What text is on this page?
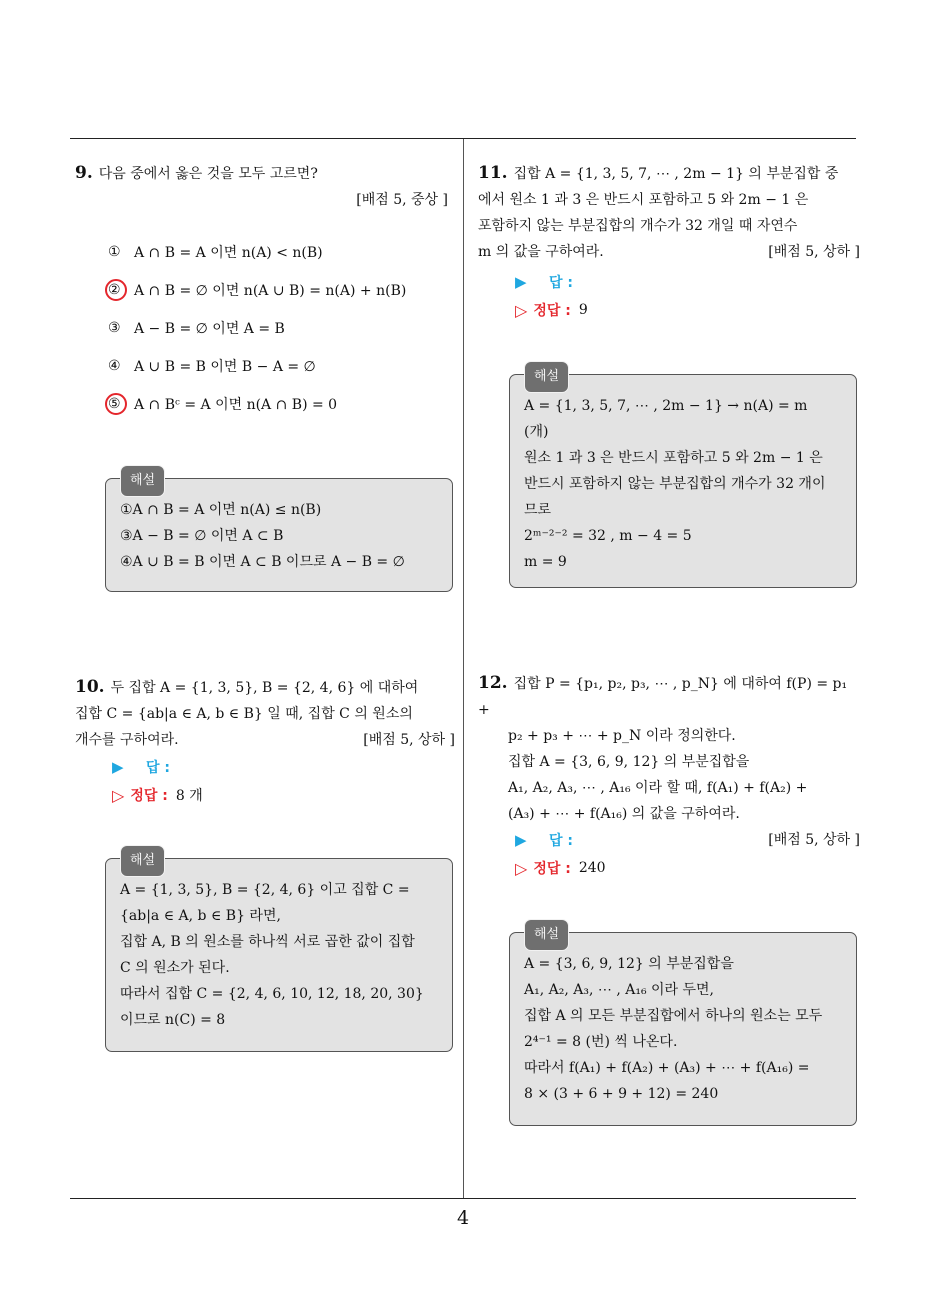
9. 다음 중에서 옳은 것을 모두 고르면?
[배점 5, 중상 ]
① A ∩ B = A 이면 n(A) < n(B)
② A ∩ B = ∅ 이면 n(A ∪ B) = n(A) + n(B)
③ A − B = ∅ 이면 A = B
④ A ∪ B = B 이면 B − A = ∅
⑤ A ∩ Bᶜ = A 이면 n(A ∩ B) = 0
해설
①A ∩ B = A 이면 n(A) ≤ n(B)
③A − B = ∅ 이면 A ⊂ B
④A ∪ B = B 이면 A ⊂ B 이므로 A − B = ∅
10. 두 집합 A = {1, 3, 5}, B = {2, 4, 6} 에 대하여
집합 C = {ab|a ∈ A, b ∈ B} 일 때, 집합 C 의 원소의
개수를 구하여라.	[배점 5, 상하 ]
▶	답 :
▷ 정답 : 8 개
해설
A = {1, 3, 5}, B = {2, 4, 6} 이고 집합 C =
{ab|a ∈ A, b ∈ B} 라면,
집합 A, B 의 원소를 하나씩 서로 곱한 값이 집합
C 의 원소가 된다.
따라서 집합 C = {2, 4, 6, 10, 12, 18, 20, 30}
이므로 n(C) = 8
11. 집합 A = {1, 3, 5, 7, ⋯ , 2m − 1} 의 부분집합 중
에서 원소 1 과 3 은 반드시 포함하고 5 와 2m − 1 은
포함하지 않는 부분집합의 개수가 32 개일 때 자연수
m 의 값을 구하여라.	[배점 5, 상하 ]
▶	답 :
▷ 정답 : 9
해설
A = {1, 3, 5, 7, ⋯ , 2m − 1} → n(A) = m
(개)
원소 1 과 3 은 반드시 포함하고 5 와 2m − 1 은
반드시 포함하지 않는 부분집합의 개수가 32 개이
므로
2ᵐ⁻²⁻² = 32 , m − 4 = 5
m = 9
12. 집합 P = {p₁, p₂, p₃, ⋯ , p_N} 에 대하여 f(P) = p₁ +
p₂ + p₃ + ⋯ + p_N 이라 정의한다.
집합 A = {3, 6, 9, 12} 의 부분집합을
A₁, A₂, A₃, ⋯ , A₁₆ 이라 할 때, f(A₁) + f(A₂) +
(A₃) + ⋯ + f(A₁₆) 의 값을 구하여라.
[배점 5, 상하 ]
▶	답 :
▷ 정답 : 240
해설
A = {3, 6, 9, 12} 의 부분집합을
A₁, A₂, A₃, ⋯ , A₁₆ 이라 두면,
집합 A 의 모든 부분집합에서 하나의 원소는 모두
2⁴⁻¹ = 8 (번) 씩 나온다.
따라서 f(A₁) + f(A₂) + (A₃) + ⋯ + f(A₁₆) =
8 × (3 + 6 + 9 + 12) = 240
4
